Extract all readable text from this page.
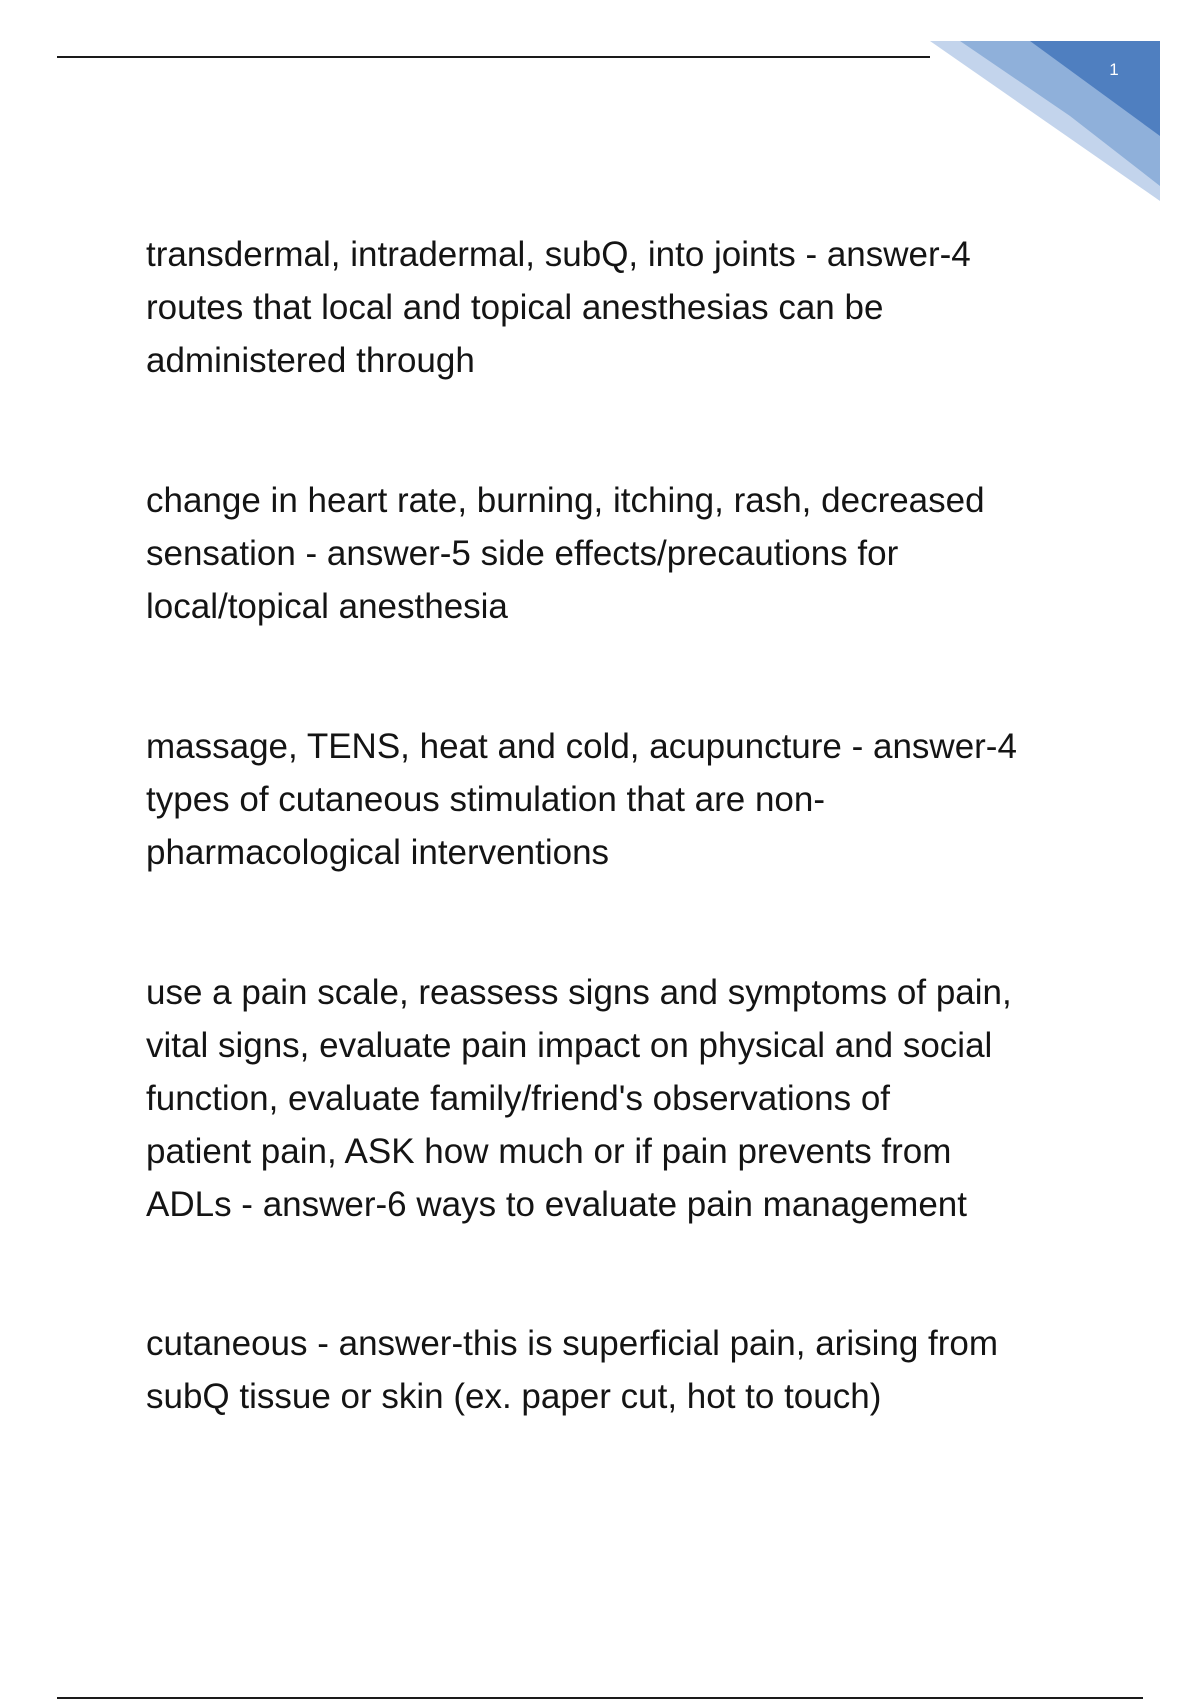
1

transdermal, intradermal, subQ, into joints - answer-4
routes that local and topical anesthesias can be
administered through

change in heart rate, burning, itching, rash, decreased
sensation - answer-5 side effects/precautions for
local/topical anesthesia

massage, TENS, heat and cold, acupuncture - answer-4
types of cutaneous stimulation that are non-
pharmacological interventions

use a pain scale, reassess signs and symptoms of pain,
vital signs, evaluate pain impact on physical and social
function, evaluate family/friend's observations of
patient pain, ASK how much or if pain prevents from
ADLs - answer-6 ways to evaluate pain management

cutaneous - answer-this is superficial pain, arising from
subQ tissue or skin (ex. paper cut, hot to touch)
